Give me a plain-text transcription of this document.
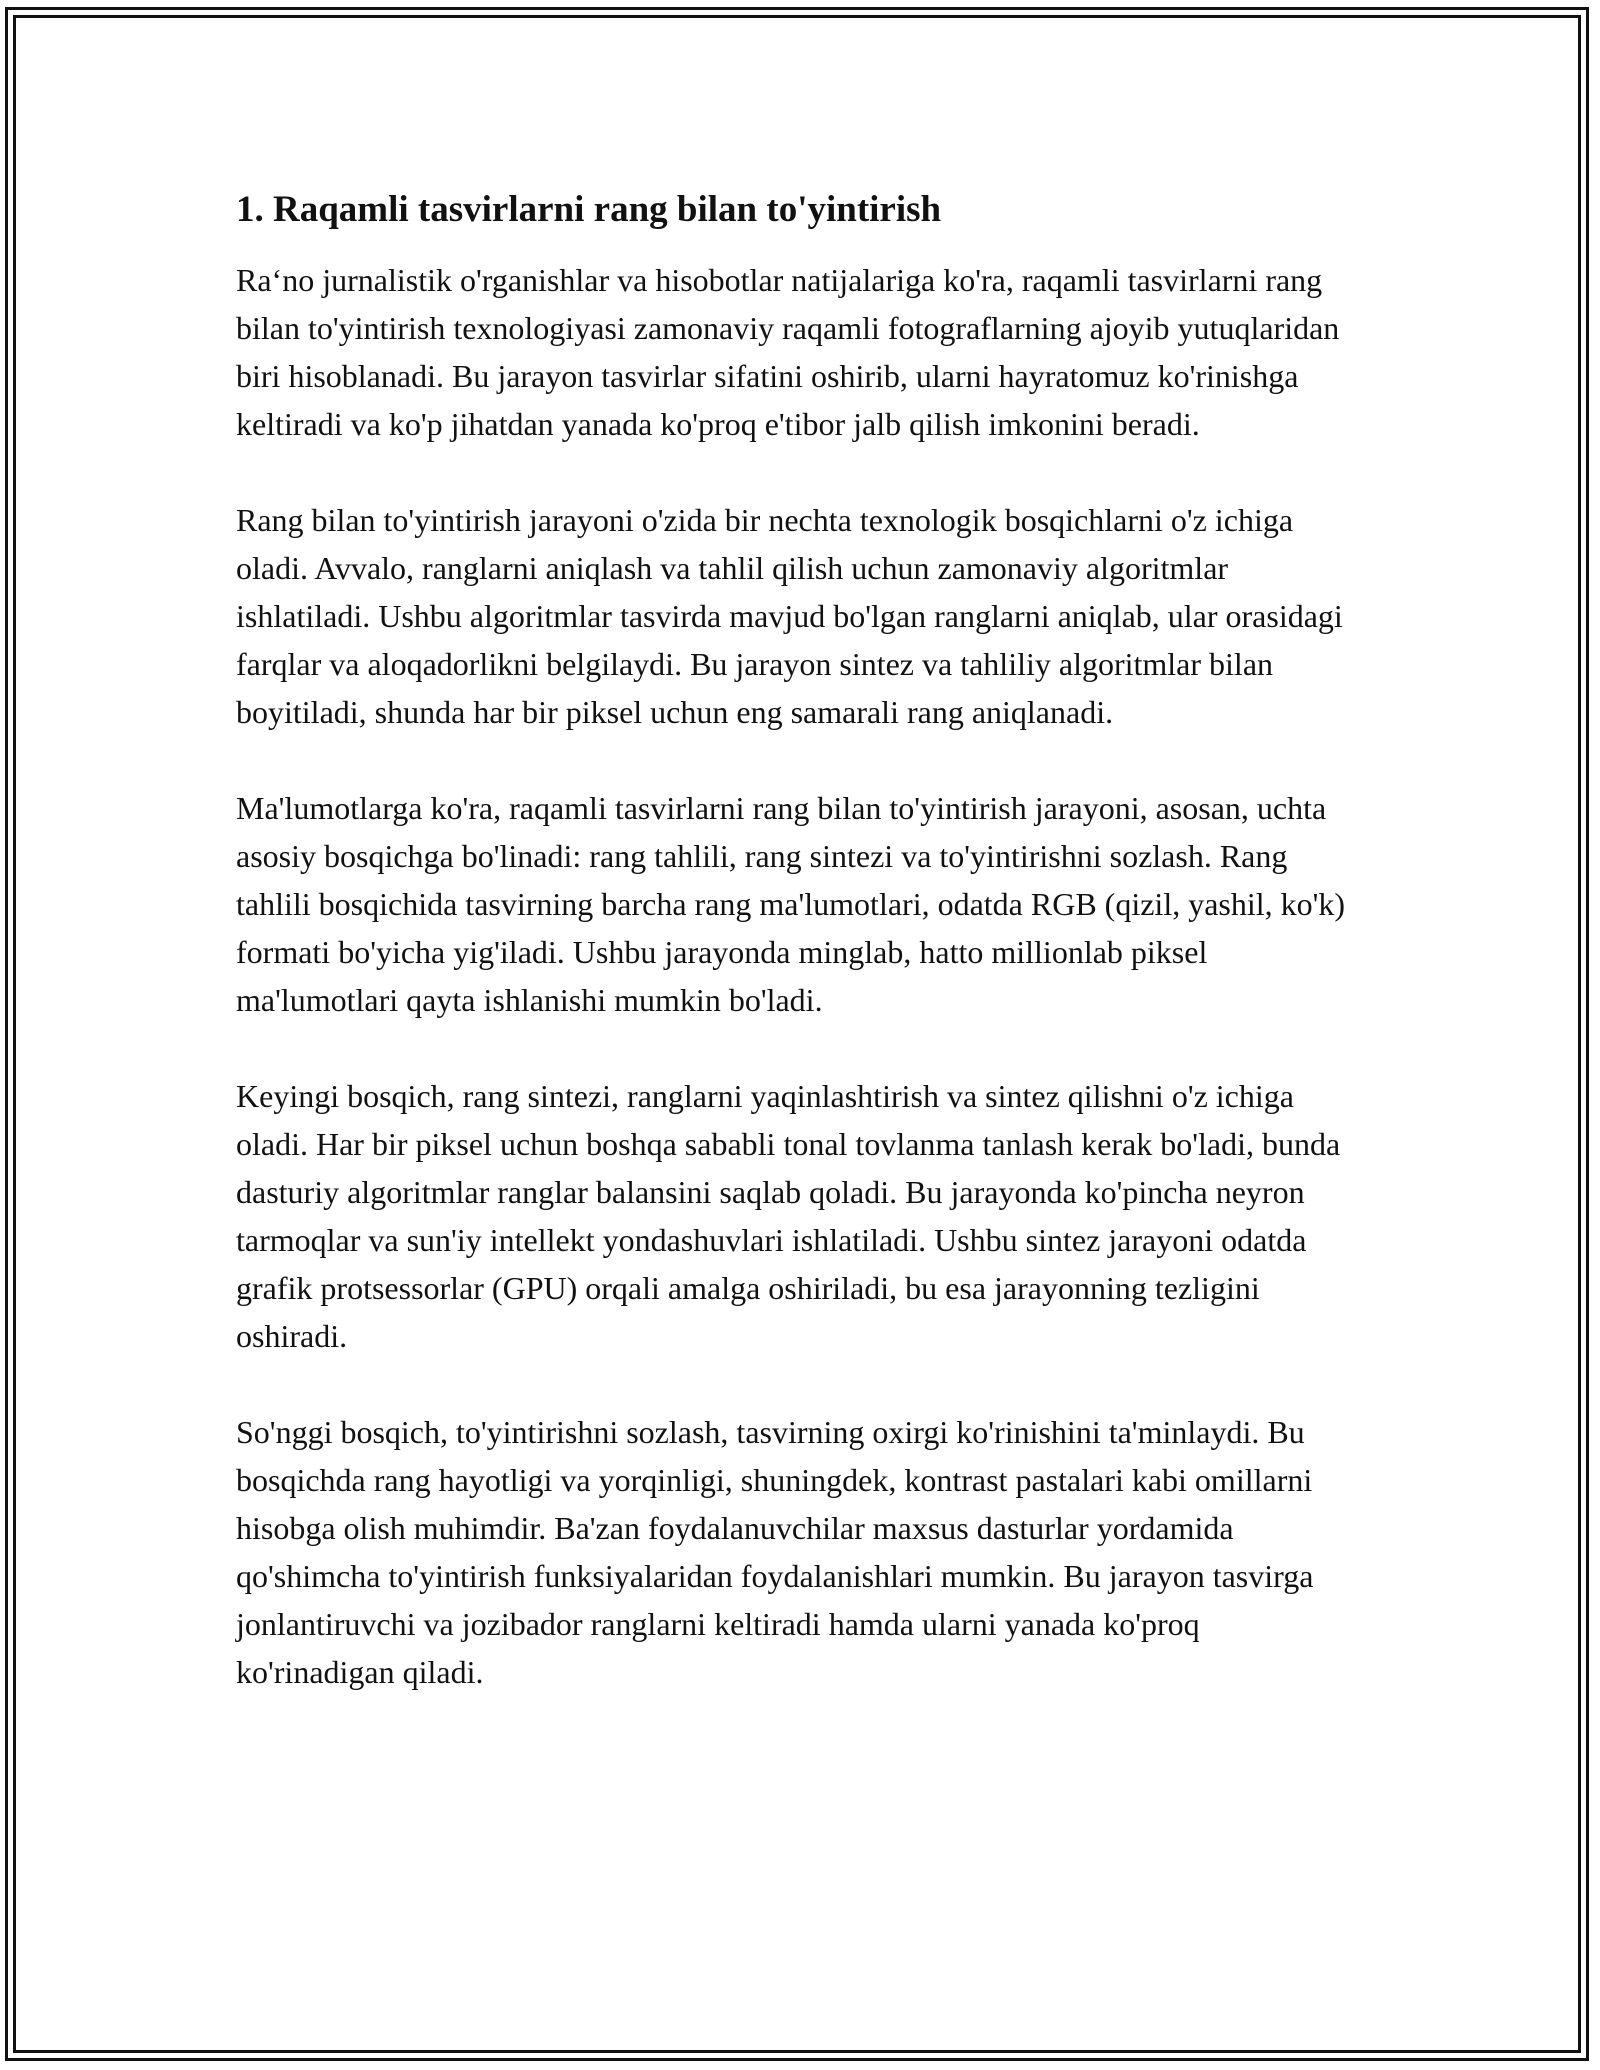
1. Raqamli tasvirlarni rang bilan to'yintirish

Ra‘no jurnalistik o'rganishlar va hisobotlar natijalariga ko'ra, raqamli tasvirlarni rang bilan to'yintirish texnologiyasi zamonaviy raqamli fotograflarning ajoyib yutuqlaridan biri hisoblanadi. Bu jarayon tasvirlar sifatini oshirib, ularni hayratomuz ko'rinishga keltiradi va ko'p jihatdan yanada ko'proq e'tibor jalb qilish imkonini beradi.

Rang bilan to'yintirish jarayoni o'zida bir nechta texnologik bosqichlarni o'z ichiga oladi. Avvalo, ranglarni aniqlash va tahlil qilish uchun zamonaviy algoritmlar ishlatiladi. Ushbu algoritmlar tasvirda mavjud bo'lgan ranglarni aniqlab, ular orasidagi farqlar va aloqadorlikni belgilaydi. Bu jarayon sintez va tahliliy algoritmlar bilan boyitiladi, shunda har bir piksel uchun eng samarali rang aniqlanadi.

Ma'lumotlarga ko'ra, raqamli tasvirlarni rang bilan to'yintirish jarayoni, asosan, uchta asosiy bosqichga bo'linadi: rang tahlili, rang sintezi va to'yintirishni sozlash. Rang tahlili bosqichida tasvirning barcha rang ma'lumotlari, odatda RGB (qizil, yashil, ko'k) formati bo'yicha yig'iladi. Ushbu jarayonda minglab, hatto millionlab piksel ma'lumotlari qayta ishlanishi mumkin bo'ladi.

Keyingi bosqich, rang sintezi, ranglarni yaqinlashtirish va sintez qilishni o'z ichiga oladi. Har bir piksel uchun boshqa sababli tonal tovlanma tanlash kerak bo'ladi, bunda dasturiy algoritmlar ranglar balansini saqlab qoladi. Bu jarayonda ko'pincha neyron tarmoqlar va sun'iy intellekt yondashuvlari ishlatiladi. Ushbu sintez jarayoni odatda grafik protsessorlar (GPU) orqali amalga oshiriladi, bu esa jarayonning tezligini oshiradi.

So'nggi bosqich, to'yintirishni sozlash, tasvirning oxirgi ko'rinishini ta'minlaydi. Bu bosqichda rang hayotligi va yorqinligi, shuningdek, kontrast pastalari kabi omillarni hisobga olish muhimdir. Ba'zan foydalanuvchilar maxsus dasturlar yordamida qo'shimcha to'yintirish funksiyalaridan foydalanishlari mumkin. Bu jarayon tasvirga jonlantiruvchi va jozibador ranglarni keltiradi hamda ularni yanada ko'proq ko'rinadigan qiladi.
